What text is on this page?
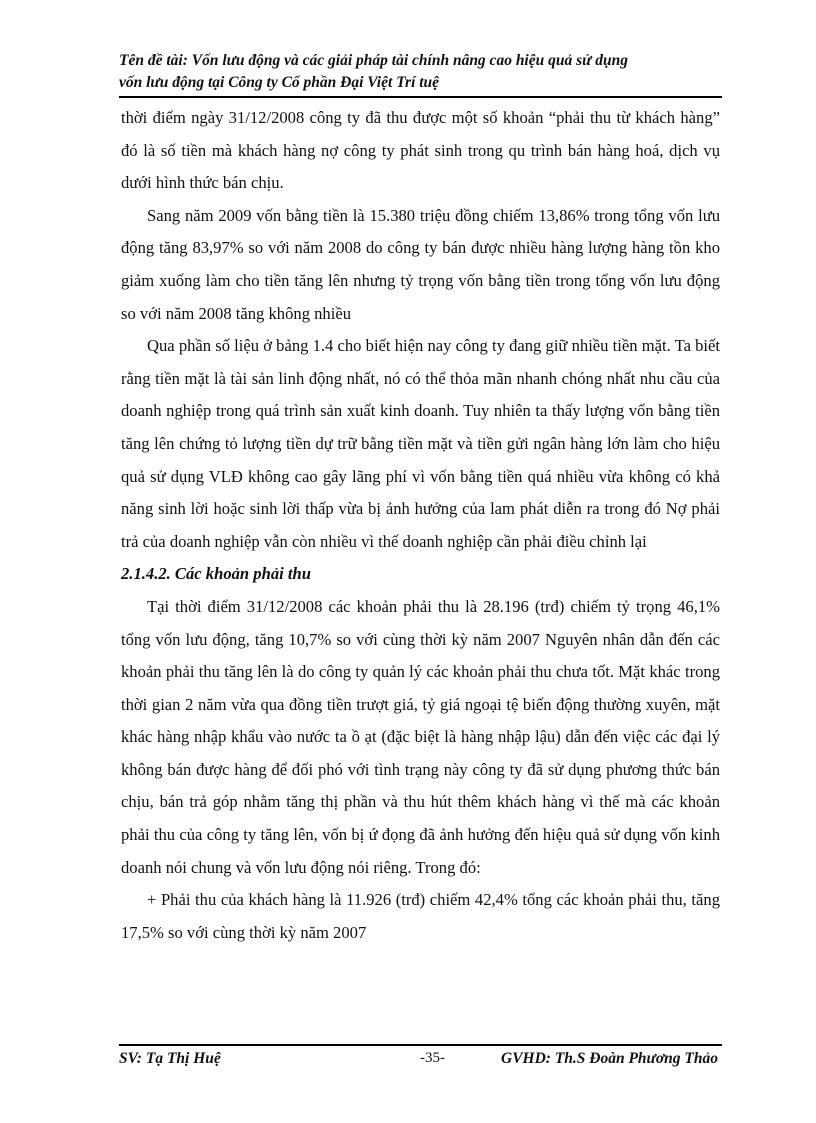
Tên đề tài: Vốn lưu động và các giải pháp tài chính nâng cao hiệu quả sử dụng
vốn lưu động tại Công ty Cổ phần Đại Việt Trí tuệ

thời điểm ngày 31/12/2008 công ty đã thu được một số khoản “phải thu từ khách hàng” đó là số tiền mà khách hàng nợ công ty phát sinh trong qu trình bán hàng hoá, dịch vụ dưới hình thức bán chịu.

Sang năm 2009 vốn bằng tiền là 15.380 triệu đồng chiếm 13,86% trong tổng vốn lưu động tăng 83,97% so với năm 2008 do công ty bán được nhiều hàng lượng hàng tồn kho giảm xuống làm cho tiền tăng lên nhưng tỷ trọng vốn bằng tiền trong tổng vốn lưu động so với năm 2008 tăng không nhiều

Qua phần số liệu ở bảng 1.4 cho biết hiện nay công ty đang giữ nhiều tiền mặt. Ta biết rằng tiền mặt là tài sản linh động nhất, nó có thể thỏa mãn nhanh chóng nhất nhu cầu của doanh nghiệp trong quá trình sản xuất kinh doanh. Tuy nhiên ta thấy lượng vốn bằng tiền tăng lên chứng tỏ lượng tiền dự trữ bằng tiền mặt và tiền gửi ngân hàng lớn làm cho hiệu quả sử dụng VLĐ không cao gây lãng phí vì vốn bằng tiền quá nhiều vừa không có khả năng sinh lời hoặc sinh lời thấp vừa bị ảnh hưởng của lam phát diễn ra trong đó Nợ phải trả của doanh nghiệp vẫn còn nhiều vì thế doanh nghiệp cần phải điều chỉnh lại

2.1.4.2. Các khoản phải thu

Tại thời điểm 31/12/2008 các khoản phải thu là 28.196 (trđ) chiếm tỷ trọng 46,1% tổng vốn lưu động, tăng 10,7% so với cùng thời kỳ năm 2007 Nguyên nhân dẫn đến các khoản phải thu tăng lên là do công ty quản lý các khoản phải thu chưa tốt. Mặt khác trong thời gian 2 năm vừa qua đồng tiền trượt giá, tỷ giá ngoại tệ biến động thường xuyên, mặt khác hàng nhập khẩu vào nước ta ồ ạt (đặc biệt là hàng nhập lậu) dẫn đến việc các đại lý không bán được hàng để đối phó với tình trạng này công ty đã sử dụng phương thức bán chịu, bán trả góp nhằm tăng thị phần và thu hút thêm khách hàng vì thế mà các khoản phải thu của công ty tăng lên, vốn bị ứ đọng đã ảnh hưởng đến hiệu quả sử dụng vốn kinh doanh nói chung và vốn lưu động nói riêng. Trong đó:

+ Phải thu của khách hàng là 11.926 (trđ) chiếm 42,4% tổng các khoản phải thu, tăng 17,5% so với cùng thời kỳ năm 2007

SV: Tạ Thị Huệ	-35-	GVHD: Th.S Đoàn Phương Thảo
